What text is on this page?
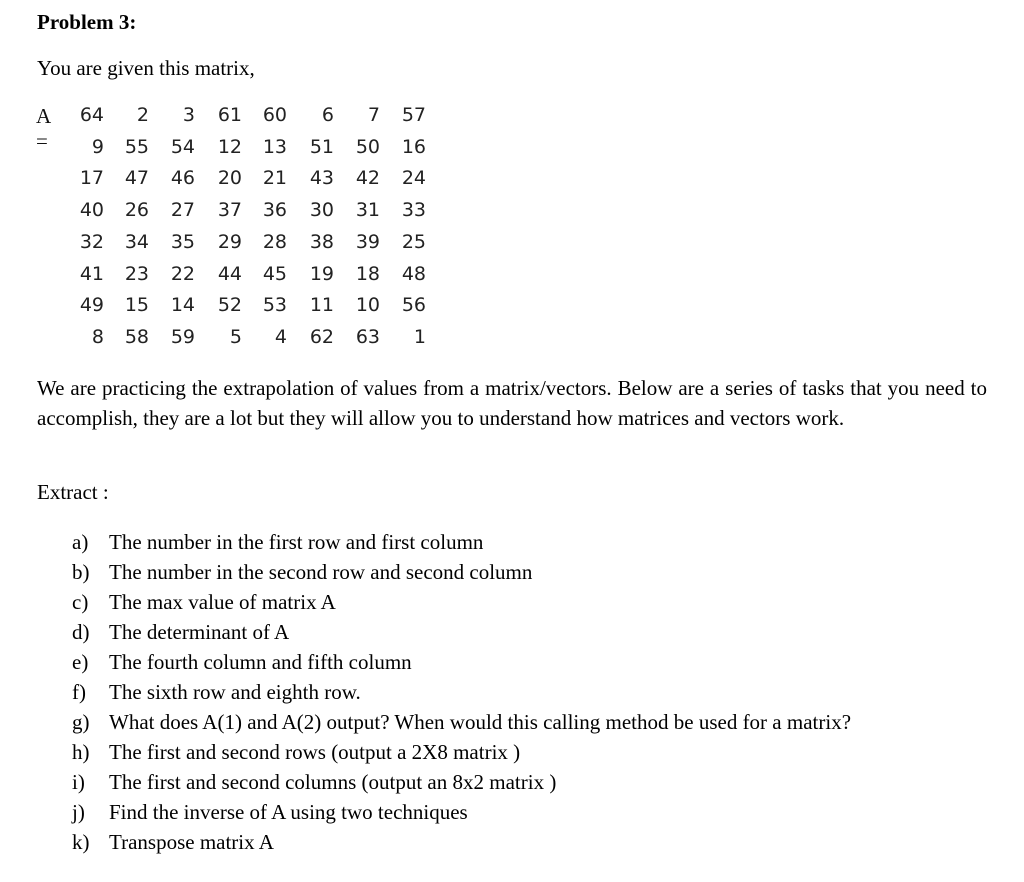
Problem 3:
You are given this matrix,
A =
64	2	3	61	60	6	7	57
9	55	54	12	13	51	50	16
17	47	46	20	21	43	42	24
40	26	27	37	36	30	31	33
32	34	35	29	28	38	39	25
41	23	22	44	45	19	18	48
49	15	14	52	53	11	10	56
8	58	59	5	4	62	63	1
We are practicing the extrapolation of values from a matrix/vectors. Below are a series of tasks that you need to accomplish, they are a lot but they will allow you to understand how matrices and vectors work.
Extract :
a) The number in the first row and first column
b) The number in the second row and second column
c) The max value of matrix A
d) The determinant of A
e) The fourth column and fifth column
f) The sixth row and eighth row.
g) What does A(1) and A(2) output? When would this calling method be used for a matrix?
h) The first and second rows (output a 2X8 matrix )
i) The first and second columns (output an 8x2 matrix )
j) Find the inverse of A using two techniques
k) Transpose matrix A
